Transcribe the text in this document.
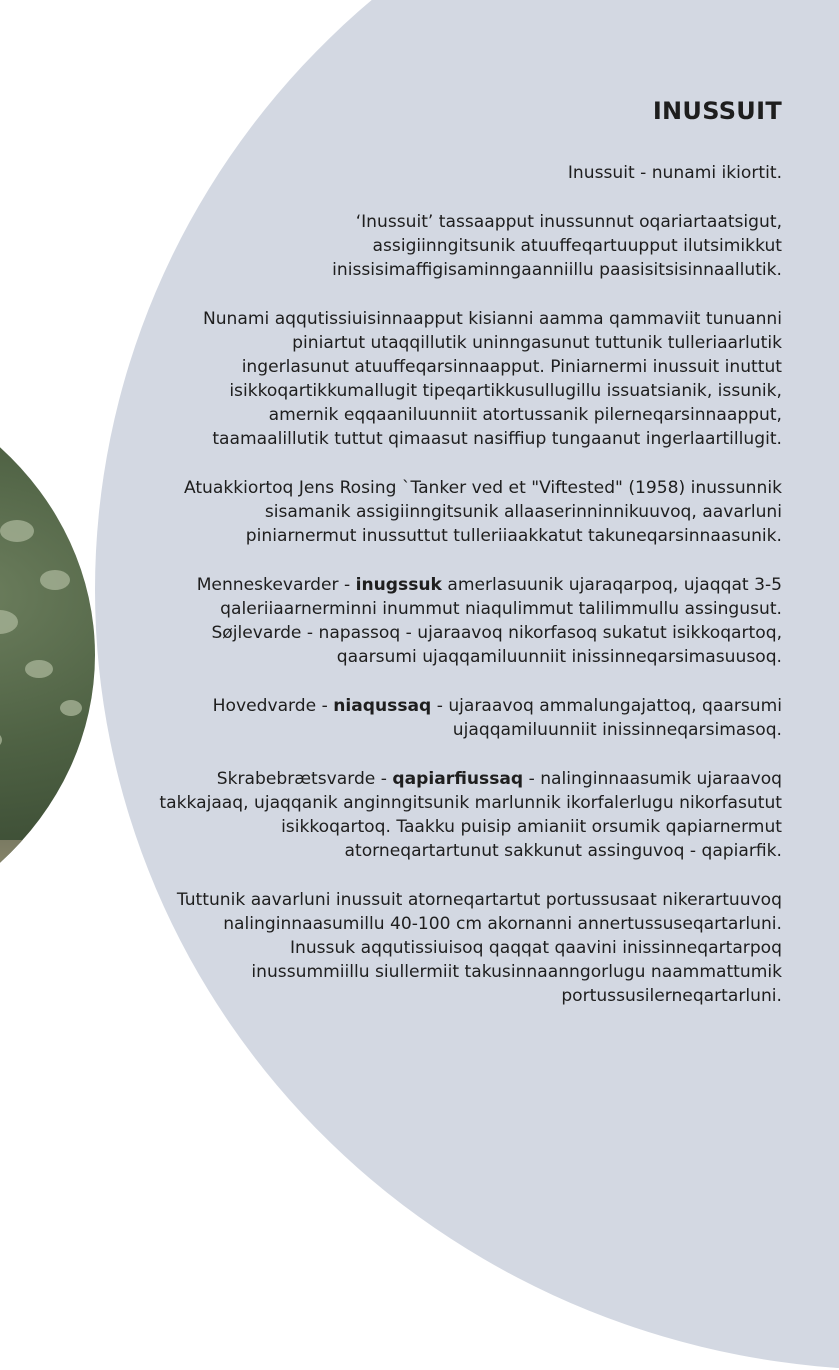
INUSSUIT
Inussuit - nunami ikiortit.
‘Inussuit’ tassaapput inussunnut oqariartaatsigut,
assigiinngitsunik atuuffeqartuupput ilutsimikkut
inissisimaffigisaminngaanniillu paasisitsisinnaallutik.
Nunami aqqutissiuisinnaapput kisianni aamma qammaviit tunuanni
piniartut utaqqillutik uninngasunut tuttunik tulleriaarlutik
ingerlasunut atuuffeqarsinnaapput. Piniarnermi inussuit inuttut
isikkoqartikkumallugit tipeqartikkusullugillu issuatsianik, issunik,
amernik eqqaaniluunniit atortussanik pilerneqarsinnaapput,
taamaalillutik tuttut qimaasut nasiffiup tungaanut ingerlaartillugit.
Atuakkiortoq Jens Rosing `Tanker ved et "Viftested" (1958) inussunnik
sisamanik assigiinngitsunik allaaserinninnikuuvoq, aavarluni
piniarnermut inussuttut tulleriiaakkatut takuneqarsinnaasunik.
Menneskevarder - inugssuk amerlasuunik ujaraqarpoq, ujaqqat 3-5
qaleriiaarnerminni inummut niaqulimmut talilimmullu assingusut.
Søjlevarde - napassoq - ujaraavoq nikorfasoq sukatut isikkoqartoq,
qaarsumi ujaqqamiluunniit inissinneqarsimasuusoq.
Hovedvarde - niaqussaq - ujaraavoq ammalungajattoq, qaarsumi
ujaqqamiluunniit inissinneqarsimasoq.
Skrabebrætsvarde - qapiarfiussaq - nalinginnaasumik ujaraavoq
takkajaaq, ujaqqanik anginngitsunik marlunnik ikorfalerlugu nikorfasutut
isikkoqartoq. Taakku puisip amianiit orsumik qapiarnermut
atorneqartartunut sakkunut assinguvoq - qapiarfik.
Tuttunik aavarluni inussuit atorneqartartut portussusaat nikerartuuvoq
nalinginnaasumillu 40-100 cm akornanni annertussuseqartarluni.
Inussuk aqqutissiuisoq qaqqat qaavini inissinneqartarpoq
inussummiillu siullermiit takusinnaanngorlugu naammattumik
portussusilerneqartarluni.
